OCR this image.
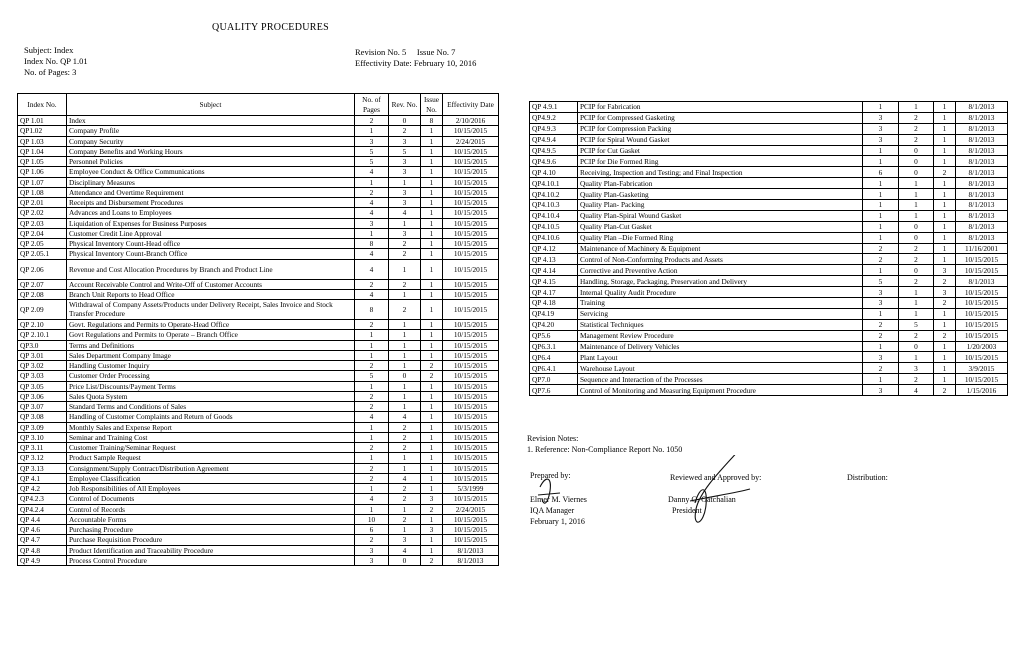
QUALITY PROCEDURES
Subject: Index
Index No. QP 1.01
No. of Pages: 3
Revision No. 5 Issue No. 7
Effectivity Date: February 10, 2016
Index No.	Subject	No. of Pages	Rev. No.	Issue No.	Effectivity Date
QP 1.01	Index	2	0	8	2/10/2016
QP1.02	Company Profile	1	2	1	10/15/2015
QP 1.03	Company Security	3	3	1	2/24/2015
QP 1.04	Company Benefits and Working Hours	5	5	1	10/15/2015
QP 1.05	Personnel Policies	5	3	1	10/15/2015
QP 1.06	Employee Conduct & Office Communications	4	3	1	10/15/2015
QP 1.07	Disciplinary Measures	1	1	1	10/15/2015
QP 1.08	Attendance and Overtime Requirement	2	3	1	10/15/2015
QP 2.01	Receipts and Disbursement Procedures	4	3	1	10/15/2015
QP 2.02	Advances and Loans to Employees	4	4	1	10/15/2015
QP 2.03	Liquidation of Expenses for Business Purposes	3	1	1	10/15/2015
QP 2.04	Customer Credit Line Approval	1	3	1	10/15/2015
QP 2.05	Physical Inventory Count-Head office	8	2	1	10/15/2015
QP 2.05.1	Physical Inventory Count-Branch Office	4	2	1	10/15/2015
QP 2.06	Revenue and Cost Allocation Procedures by Branch and Product Line	4	1	1	10/15/2015
QP 2.07	Account Receivable Control and Write-Off of Customer Accounts	2	2	1	10/15/2015
QP 2.08	Branch Unit Reports to Head Office	4	1	1	10/15/2015
QP 2.09	Withdrawal of Company Assets/Products under Delivery Receipt, Sales Invoice and Stock Transfer Procedure	8	2	1	10/15/2015
QP 2.10	Govt. Regulations and Permits to Operate-Head Office	2	1	1	10/15/2015
QP 2.10.1	Govt Regulations and Permits to Operate – Branch Office	1	1	1	10/15/2015
QP3.0	Terms and Definitions	1	1	1	10/15/2015
QP 3.01	Sales Department Company Image	1	1	1	10/15/2015
QP 3.02	Handling Customer Inquiry	2	1	2	10/15/2015
QP 3.03	Customer Order Processing	5	0	2	10/15/2015
QP 3.05	Price List/Discounts/Payment Terms	1	1	1	10/15/2015
QP 3.06	Sales Quota System	2	1	1	10/15/2015
QP 3.07	Standard Terms and Conditions of Sales	2	1	1	10/15/2015
QP 3.08	Handling of Customer Complaints and Return of Goods	4	4	1	10/15/2015
QP 3.09	Monthly Sales and Expense Report	1	2	1	10/15/2015
QP 3.10	Seminar and Training Cost	1	2	1	10/15/2015
QP 3.11	Customer Training/Seminar Request	2	2	1	10/15/2015
QP 3.12	Product Sample Request	1	1	1	10/15/2015
QP 3.13	Consignment/Supply Contract/Distribution Agreement	2	1	1	10/15/2015
QP 4.1	Employee Classification	2	4	1	10/15/2015
QP 4.2	Job Responsibilities of All Employees	1	2	1	5/3/1999
QP4.2.3	Control of Documents	4	2	3	10/15/2015
QP4.2.4	Control of Records	1	1	2	2/24/2015
QP 4.4	Accountable Forms	10	2	1	10/15/2015
QP 4.6	Purchasing Procedure	6	1	3	10/15/2015
QP 4.7	Purchase Requisition Procedure	2	3	1	10/15/2015
QP 4.8	Product Identification and Traceability Procedure	3	4	1	8/1/2013
QP 4.9	Process Control Procedure	3	0	2	8/1/2013
QP 4.9.1	PCIP for Fabrication	1	1	1	8/1/2013
QP4.9.2	PCIP for Compressed Gasketing	3	2	1	8/1/2013
QP4.9.3	PCIP for Compression Packing	3	2	1	8/1/2013
QP4.9.4	PCIP for Spiral Wound Gasket	3	2	1	8/1/2013
QP4.9.5	PCIP for Cut Gasket	1	0	1	8/1/2013
QP4.9.6	PCIP for Die Formed Ring	1	0	1	8/1/2013
QP 4.10	Receiving, Inspection and Testing; and Final Inspection	6	0	2	8/1/2013
QP4.10.1	Quality Plan-Fabrication	1	1	1	8/1/2013
QP4.10.2	Quality Plan-Gasketing	1	1	1	8/1/2013
QP4.10.3	Quality Plan- Packing	1	1	1	8/1/2013
QP4.10.4	Quality Plan-Spiral Wound Gasket	1	1	1	8/1/2013
QP4.10.5	Quality Plan-Cut Gasket	1	0	1	8/1/2013
QP4.10.6	Quality Plan –Die Formed Ring	1	0	1	8/1/2013
QP 4.12	Maintenance of Machinery & Equipment	2	2	1	11/16/2001
QP 4.13	Control of Non-Conforming Products and Assets	2	2	1	10/15/2015
QP 4.14	Corrective and Preventive Action	1	0	3	10/15/2015
QP 4.15	Handling, Storage, Packaging, Preservation and Delivery	5	2	2	8/1/2013
QP 4.17	Internal Quality Audit Procedure	3	1	3	10/15/2015
QP 4.18	Training	3	1	2	10/15/2015
QP4.19	Servicing	1	1	1	10/15/2015
QP4.20	Statistical Techniques	2	5	1	10/15/2015
QP5.6	Management Review Procedure	2	2	2	10/15/2015
QP6.3.1	Maintenance of Delivery Vehicles	1	0	1	1/20/2003
QP6.4	Plant Layout	3	1	1	10/15/2015
QP6.4.1	Warehouse Layout	2	3	1	3/9/2015
QP7.0	Sequence and Interaction of the Processes	1	2	1	10/15/2015
QP7.6	Control of Monitoring and Measuring Equipment Procedure	3	4	2	1/15/2016
Revision Notes:
1. Reference: Non-Compliance Report No. 1050
Prepared by:
Elmer M. Viernes
IQA Manager
February 1, 2016
Reviewed and Approved by:
Danny G. Gatchalian
President
Distribution:
